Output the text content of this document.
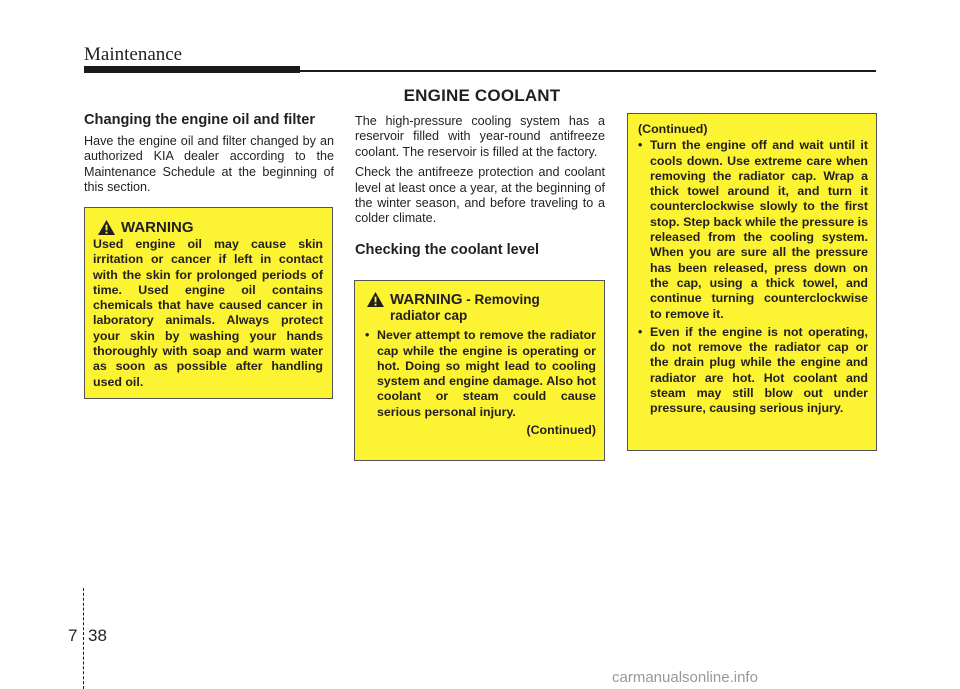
Maintenance
ENGINE COOLANT
Changing the engine oil and filter

Have the engine oil and filter changed by an authorized KIA dealer according to the Maintenance Schedule at the beginning of this section.

WARNING

Used engine oil may cause skin irritation or cancer if left in contact with the skin for prolonged periods of time. Used engine oil contains chemicals that have caused cancer in laboratory animals. Always protect your skin by washing your hands thoroughly with soap and warm water as soon as possible after handling used oil.

The high-pressure cooling system has a reservoir filled with year-round antifreeze coolant. The reservoir is filled at the factory.

Check the antifreeze protection and coolant level at least once a year, at the beginning of the winter season, and before traveling to a colder climate.

Checking the coolant level
WARNING - Removing
radiator cap
• Never attempt to remove the radiator cap while the engine is operating or hot. Doing so might lead to cooling system and engine damage. Also hot coolant or steam could cause serious personal injury.
(Continued)
(Continued)
• Turn the engine off and wait until it cools down. Use extreme care when removing the radiator cap. Wrap a thick towel around it, and turn it counterclockwise slowly to the first stop. Step back while the pressure is released from the cooling system. When you are sure all the pressure has been released, press down on the cap, using a thick towel, and continue turning counterclockwise to remove it.
• Even if the engine is not operating, do not remove the radiator cap or the drain plug while the engine and radiator are hot. Hot coolant and steam may still blow out under pressure, causing serious injury.
7 38
carmanualsonline.info
